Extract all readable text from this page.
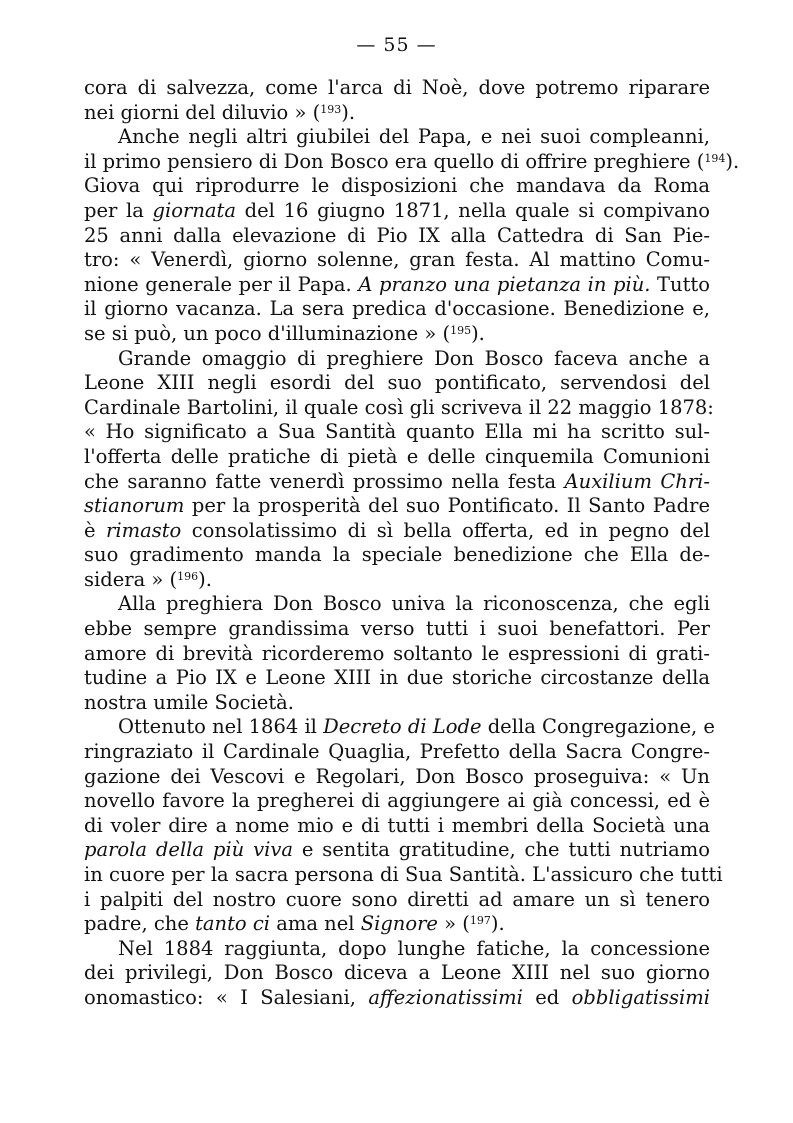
— 55 —
cora di salvezza, come l'arca di Noè, dove potremo riparare
nei giorni del diluvio » ($^{193}$).
Anche negli altri giubilei del Papa, e nei suoi compleanni,
il primo pensiero di Don Bosco era quello di offrire preghiere ($^{194}$).
Giova qui riprodurre le disposizioni che mandava da Roma
per la giornata del 16 giugno 1871, nella quale si compivano
25 anni dalla elevazione di Pio IX alla Cattedra di San Pie-
tro: « Venerdì, giorno solenne, gran festa. Al mattino Comu-
nione generale per il Papa. A pranzo una pietanza in più. Tutto
il giorno vacanza. La sera predica d'occasione. Benedizione e,
se si può, un poco d'illuminazione » ($^{195}$).
Grande omaggio di preghiere Don Bosco faceva anche a
Leone XIII negli esordi del suo pontificato, servendosi del
Cardinale Bartolini, il quale così gli scriveva il 22 maggio 1878:
« Ho significato a Sua Santità quanto Ella mi ha scritto sul-
l'offerta delle pratiche di pietà e delle cinquemila Comunioni
che saranno fatte venerdì prossimo nella festa Auxilium Chri-
stianorum per la prosperità del suo Pontificato. Il Santo Padre
è rimasto consolatissimo di sì bella offerta, ed in pegno del
suo gradimento manda la speciale benedizione che Ella de-
sidera » ($^{196}$).
Alla preghiera Don Bosco univa la riconoscenza, che egli
ebbe sempre grandissima verso tutti i suoi benefattori. Per
amore di brevità ricorderemo soltanto le espressioni di grati-
tudine a Pio IX e Leone XIII in due storiche circostanze della
nostra umile Società.
Ottenuto nel 1864 il Decreto di Lode della Congregazione, e
ringraziato il Cardinale Quaglia, Prefetto della Sacra Congre-
gazione dei Vescovi e Regolari, Don Bosco proseguiva: « Un
novello favore la pregherei di aggiungere ai già concessi, ed è
di voler dire a nome mio e di tutti i membri della Società una
parola della più viva e sentita gratitudine, che tutti nutriamo
in cuore per la sacra persona di Sua Santità. L'assicuro che tutti
i palpiti del nostro cuore sono diretti ad amare un sì tenero
padre, che tanto ci ama nel Signore » ($^{197}$).
Nel 1884 raggiunta, dopo lunghe fatiche, la concessione
dei privilegi, Don Bosco diceva a Leone XIII nel suo giorno
onomastico: « I Salesiani, affezionatissimi ed obbligatissimi
